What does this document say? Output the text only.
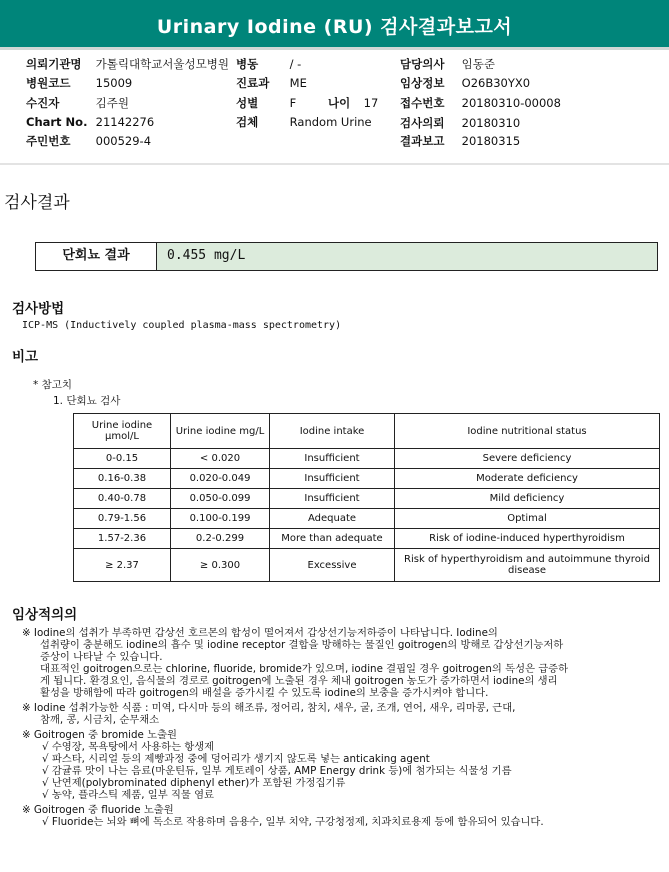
Urinary Iodine (RU) 검사결과보고서
의뢰기관명 가톨릭대학교서울성모병원
병원코드 15009
수진자	김주원
Chart No. 21142276
주민번호 000529-4
병동	/ -
진료과 ME
성별	F	나이 17
검체	Random Urine
담당의사 임동준
임상정보 O26B30YX0
접수번호 20180310-00008
검사의뢰 20180310
결과보고 20180315
검사결과
단회뇨 결과	0.455 mg/L
검사방법
ICP-MS (Inductively coupled plasma-mass spectrometry)
비고
* 참고치
1. 단회뇨 검사
Urine iodine μmol/L	Urine iodine mg/L	Iodine intake	Iodine nutritional status
0-0.15	< 0.020	Insufficient	Severe deficiency
0.16-0.38	0.020-0.049	Insufficient	Moderate deficiency
0.40-0.78	0.050-0.099	Insufficient	Mild deficiency
0.79-1.56	0.100-0.199	Adequate	Optimal
1.57-2.36	0.2-0.299	More than adequate	Risk of iodine-induced hyperthyroidism
≥ 2.37	≥ 0.300	Excessive	Risk of hyperthyroidism and autoimmune thyroid disease
임상적의의
※ Iodine의 섭취가 부족하면 갑상선 호르몬의 합성이 떨어져서 갑상선기능저하증이 나타납니다. Iodine의
섭취량이 충분해도 iodine의 흡수 및 iodine receptor 결합을 방해하는 물질인 goitrogen의 방해로 갑상선기능저하
증상이 나타날 수 있습니다.
대표적인 goitrogen으로는 chlorine, fluoride, bromide가 있으며, iodine 결핍일 경우 goitrogen의 독성은 급증하
게 됩니다. 환경요인, 음식물의 경로로 goitrogen에 노출된 경우 체내 goitrogen 농도가 증가하면서 iodine의 생리
활성을 방해함에 따라 goitrogen의 배설을 증가시킬 수 있도록 iodine의 보충을 증가시켜야 합니다.
※ Iodine 섭취가능한 식품 : 미역, 다시마 등의 해조류, 정어리, 참치, 새우, 굴, 조개, 연어, 새우, 리마콩, 근대,
참깨, 콩, 시금치, 순무채소
※ Goitrogen 중 bromide 노출원
√ 수영장, 목욕탕에서 사용하는 항생제
√ 파스타, 시리얼 등의 제빵과정 중에 덩어리가 생기지 않도록 넣는 anticaking agent
√ 감귤류 맛이 나는 음료(마운틴듀, 일부 게토레이 상품, AMP Energy drink 등)에 첨가되는 식물성 기름
√ 난연제(polybrominated diphenyl ether)가 포함된 가정집기류
√ 농약, 플라스틱 제품, 일부 직물 염료
※ Goitrogen 중 fluoride 노출원
√ Fluoride는 뇌와 뼈에 독소로 작용하며 음용수, 일부 치약, 구강청정제, 치과치료용제 등에 함유되어 있습니다.
